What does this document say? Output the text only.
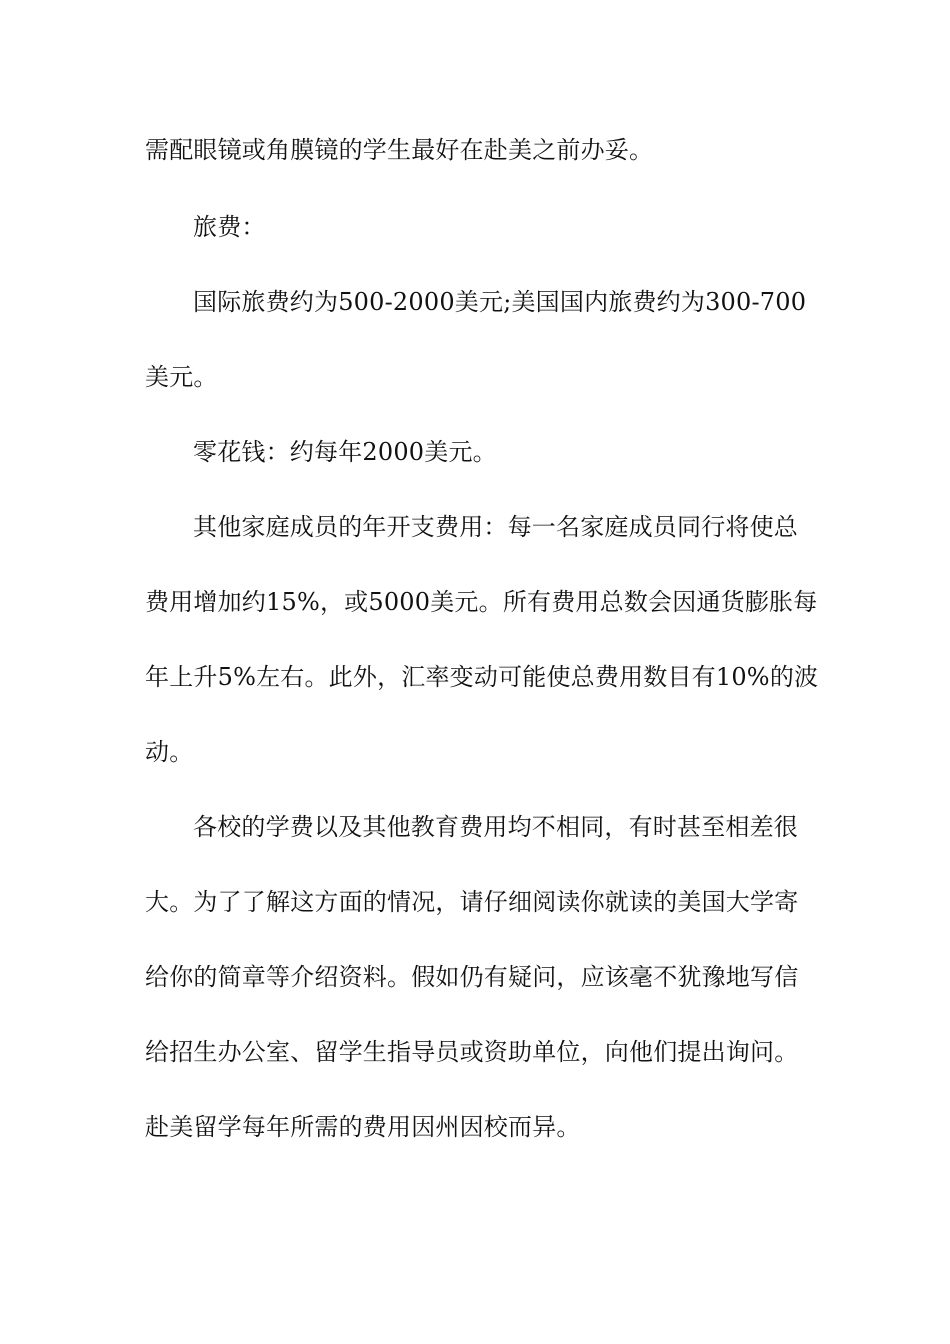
需配眼镜或角膜镜的学生最好在赴美之前办妥。
旅费：
国际旅费约为500-2000美元;美国国内旅费约为300-700
美元。
零花钱：约每年2000美元。
其他家庭成员的年开支费用：每一名家庭成员同行将使总
费用增加约15%，或5000美元。所有费用总数会因通货膨胀每
年上升5%左右。此外，汇率变动可能使总费用数目有10%的波
动。
各校的学费以及其他教育费用均不相同，有时甚至相差很
大。为了了解这方面的情况，请仔细阅读你就读的美国大学寄
给你的简章等介绍资料。假如仍有疑问，应该毫不犹豫地写信
给招生办公室、留学生指导员或资助单位，向他们提出询问。
赴美留学每年所需的费用因州因校而异。
